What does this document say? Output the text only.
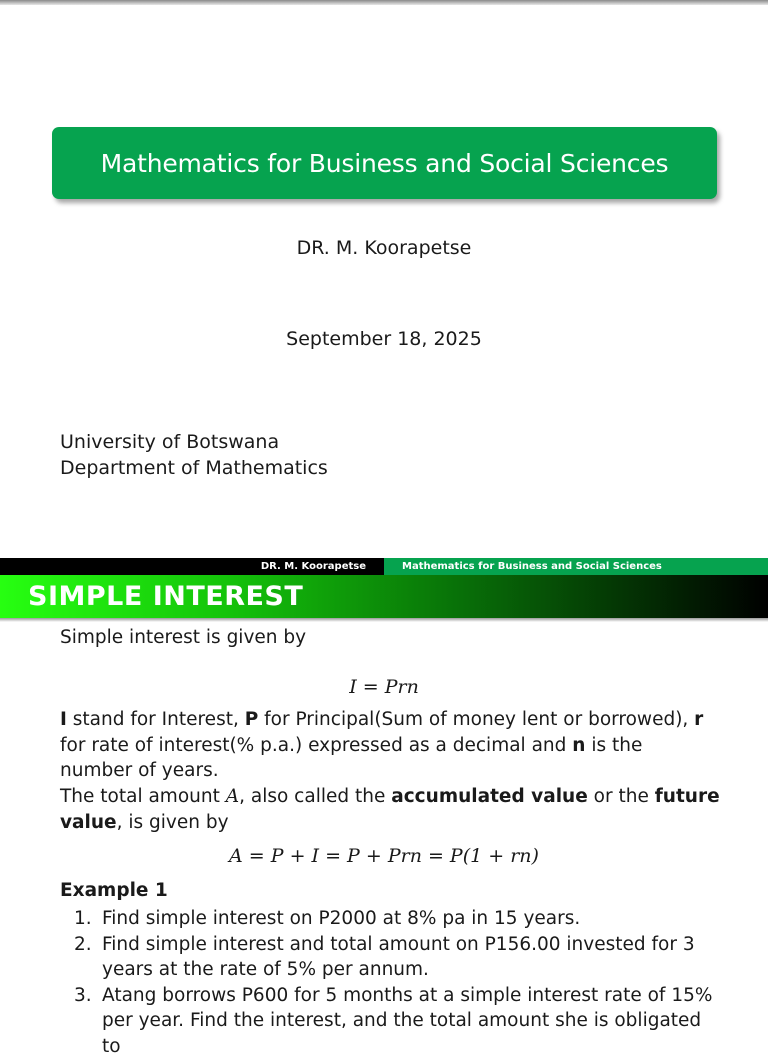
Mathematics for Business and Social Sciences
DR. M. Koorapetse
September 18, 2025
University of Botswana
Department of Mathematics
DR. M. Koorapetse	Mathematics for Business and Social Sciences
SIMPLE INTEREST
Simple interest is given by
I = Prn
I stand for Interest, P for Principal(Sum of money lent or borrowed), r for rate of interest(% p.a.) expressed as a decimal and n is the number of years.
The total amount A, also called the accumulated value or the future value, is given by
A = P + I = P + Prn = P(1 + rn)
Example 1
1. Find simple interest on P2000 at 8% pa in 15 years.
2. Find simple interest and total amount on P156.00 invested for 3 years at the rate of 5% per annum.
3. Atang borrows P600 for 5 months at a simple interest rate of 15% per year. Find the interest, and the total amount she is obligated to
